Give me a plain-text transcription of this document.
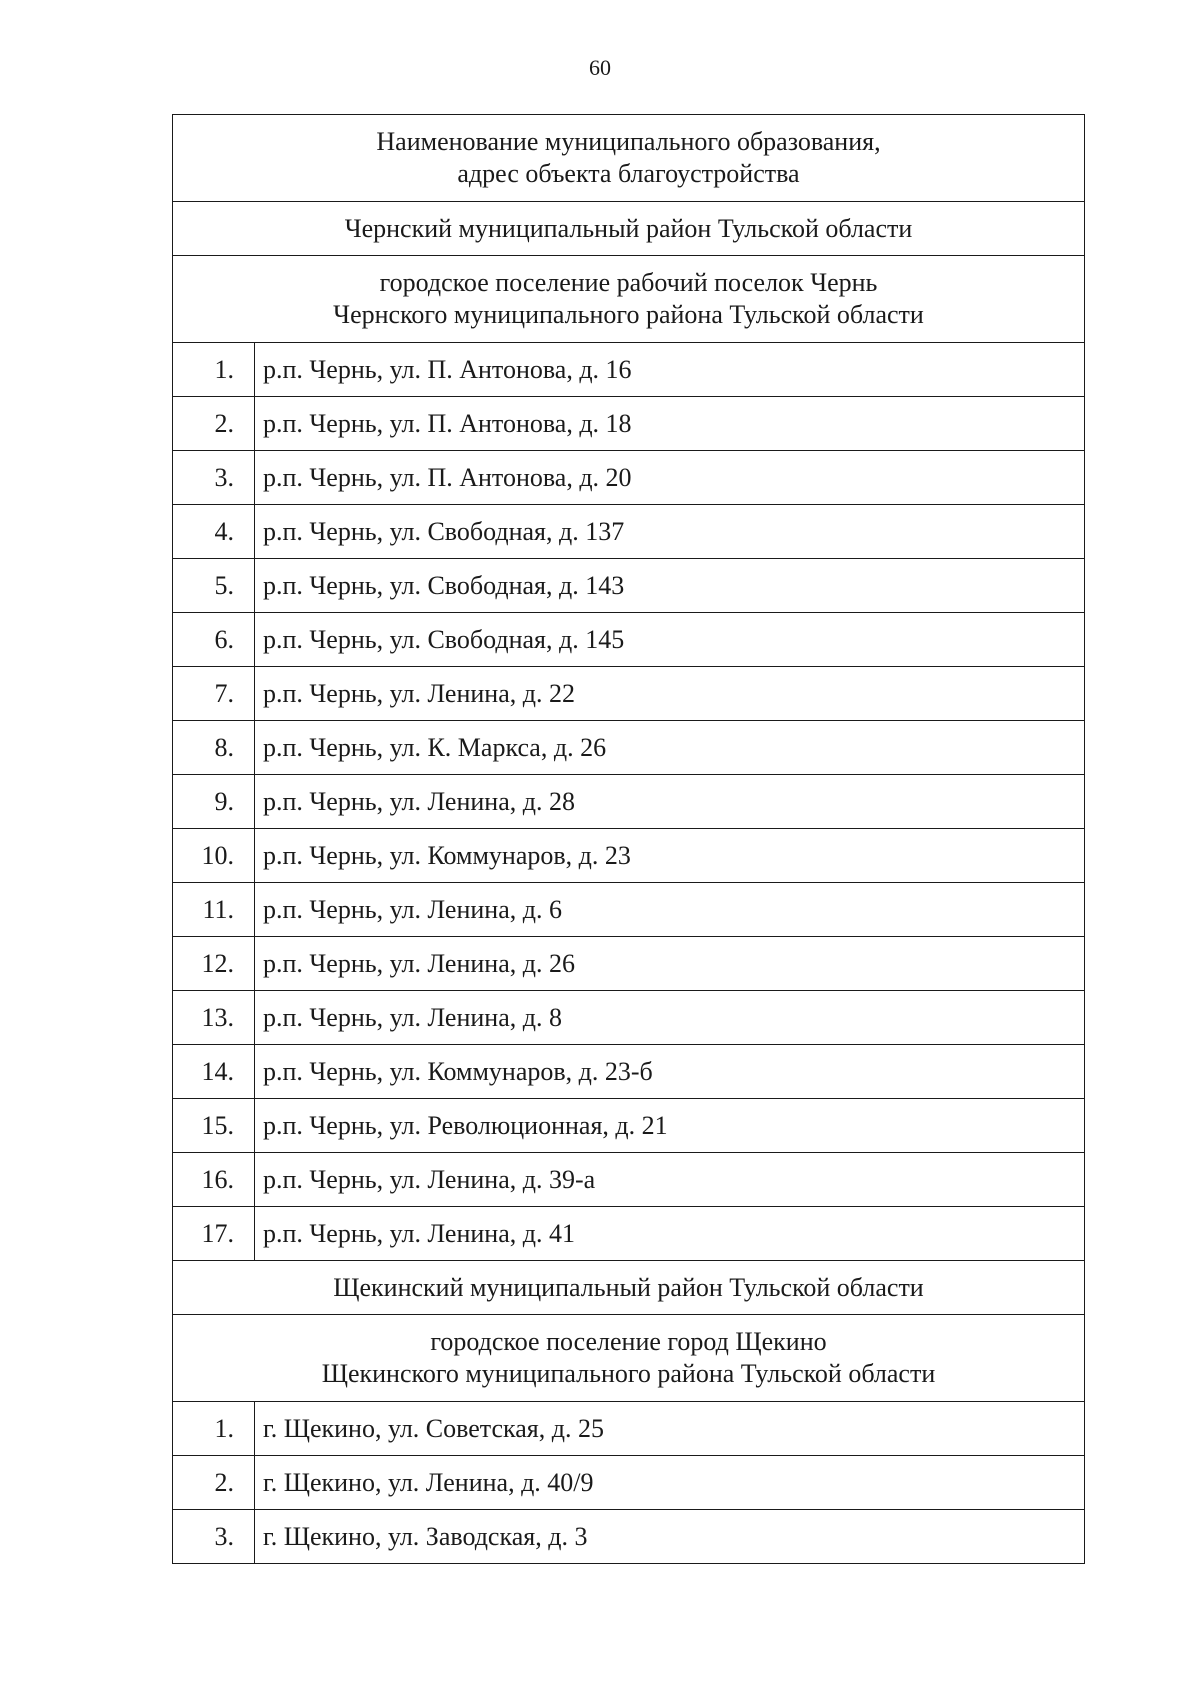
60
Наименование муниципального образования,
адрес объекта благоустройства	

Чернский муниципальный район Тульской области	

городское поселение рабочий поселок Чернь
Чернского муниципального района Тульской области	

1.	р.п. Чернь, ул. П. Антонова, д. 16
2.	р.п. Чернь, ул. П. Антонова, д. 18
3.	р.п. Чернь, ул. П. Антонова, д. 20
4.	р.п. Чернь, ул. Свободная, д. 137
5.	р.п. Чернь, ул. Свободная, д. 143
6.	р.п. Чернь, ул. Свободная, д. 145
7.	р.п. Чернь, ул. Ленина, д. 22
8.	р.п. Чернь, ул. К. Маркса, д. 26
9.	р.п. Чернь, ул. Ленина, д. 28
10.	р.п. Чернь, ул. Коммунаров, д. 23
11.	р.п. Чернь, ул. Ленина, д. 6
12.	р.п. Чернь, ул. Ленина, д. 26
13.	р.п. Чернь, ул. Ленина, д. 8
14.	р.п. Чернь, ул. Коммунаров, д. 23-б
15.	р.п. Чернь, ул. Революционная, д. 21
16.	р.п. Чернь, ул. Ленина, д. 39-а
17.	р.п. Чернь, ул. Ленина, д. 41
Щекинский муниципальный район Тульской области	

городское поселение город Щекино
Щекинского муниципального района Тульской области	

1.	г. Щекино, ул. Советская, д. 25
2.	г. Щекино, ул. Ленина, д. 40/9
3.	г. Щекино, ул. Заводская, д. 3
